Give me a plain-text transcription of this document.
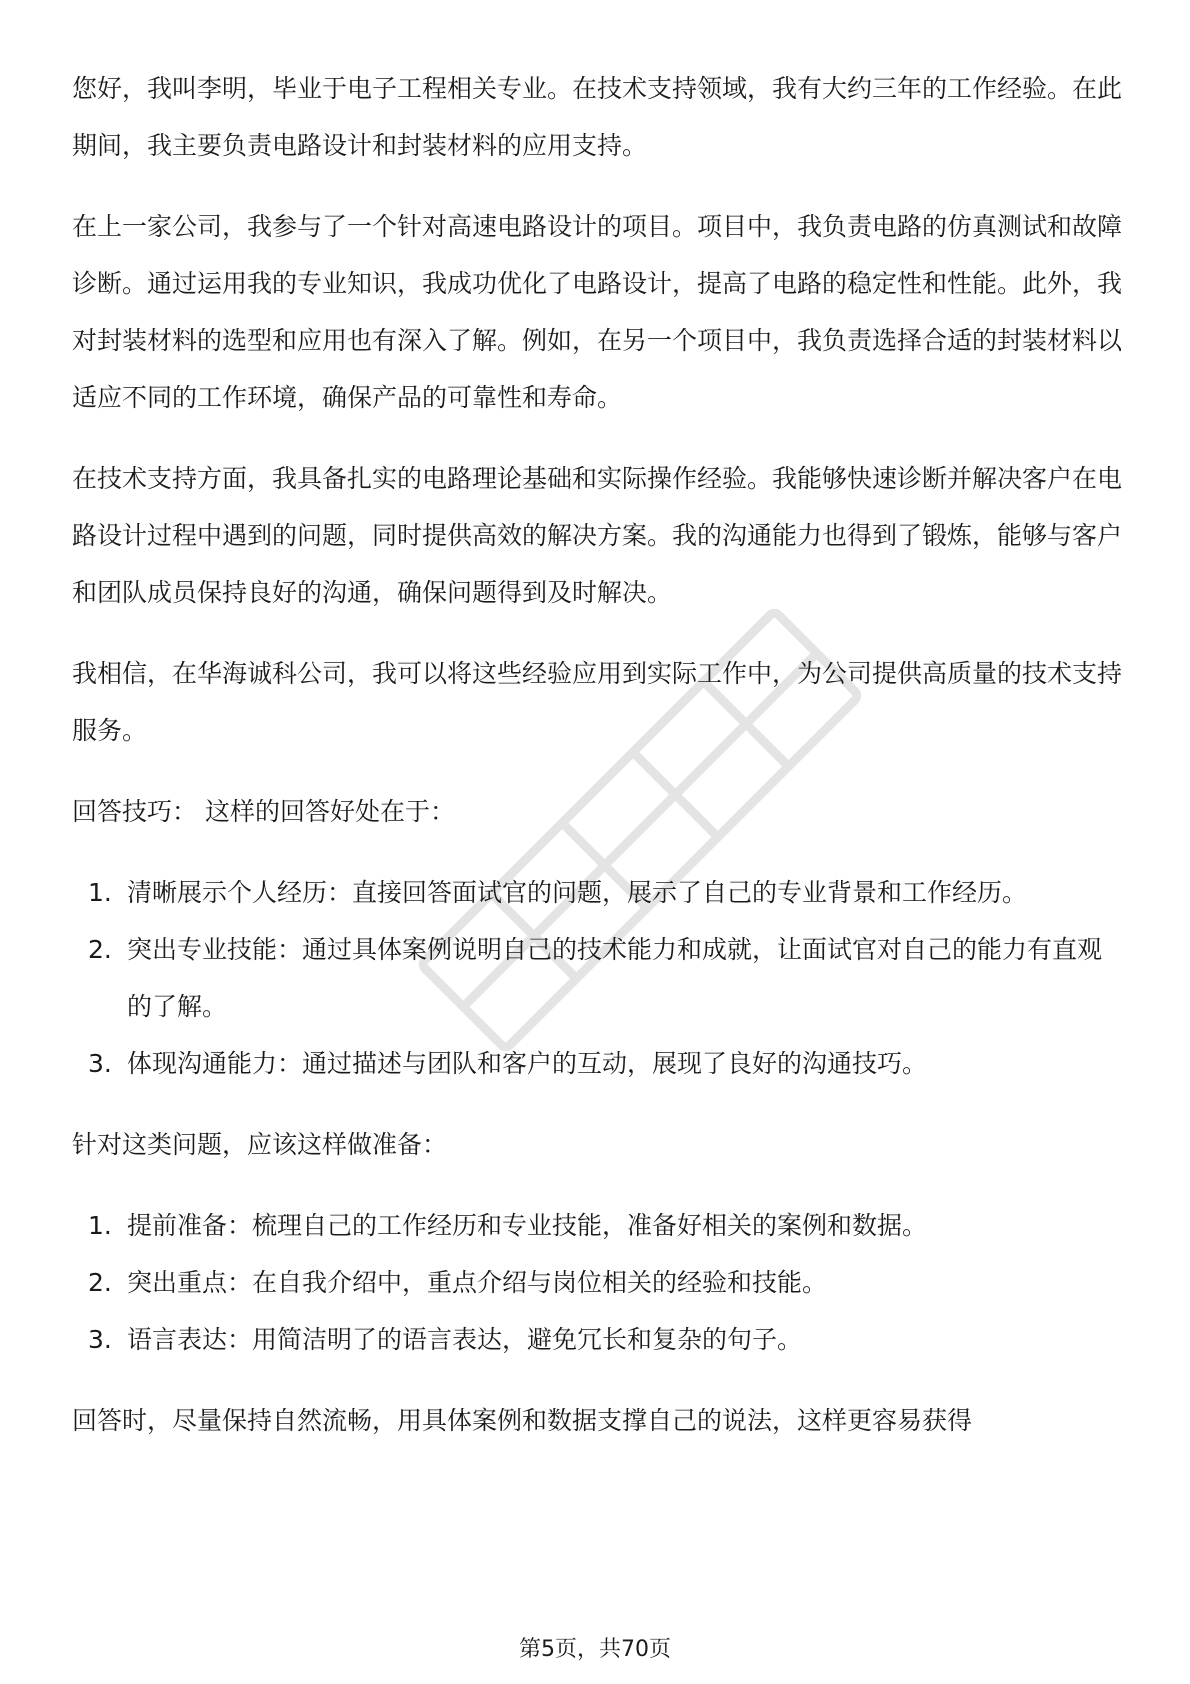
您好，我叫李明，毕业于电子工程相关专业。在技术支持领域，我有大约三年的工作经验。在此期间，我主要负责电路设计和封装材料的应用支持。

在上一家公司，我参与了一个针对高速电路设计的项目。项目中，我负责电路的仿真测试和故障诊断。通过运用我的专业知识，我成功优化了电路设计，提高了电路的稳定性和性能。此外，我对封装材料的选型和应用也有深入了解。例如，在另一个项目中，我负责选择合适的封装材料以适应不同的工作环境，确保产品的可靠性和寿命。

在技术支持方面，我具备扎实的电路理论基础和实际操作经验。我能够快速诊断并解决客户在电路设计过程中遇到的问题，同时提供高效的解决方案。我的沟通能力也得到了锻炼，能够与客户和团队成员保持良好的沟通，确保问题得到及时解决。

我相信，在华海诚科公司，我可以将这些经验应用到实际工作中，为公司提供高质量的技术支持服务。

回答技巧： 这样的回答好处在于：

1. 清晰展示个人经历：直接回答面试官的问题，展示了自己的专业背景和工作经历。
2. 突出专业技能：通过具体案例说明自己的技术能力和成就，让面试官对自己的能力有直观的了解。
3. 体现沟通能力：通过描述与团队和客户的互动，展现了良好的沟通技巧。

针对这类问题，应该这样做准备：

1. 提前准备：梳理自己的工作经历和专业技能，准备好相关的案例和数据。
2. 突出重点：在自我介绍中，重点介绍与岗位相关的经验和技能。
3. 语言表达：用简洁明了的语言表达，避免冗长和复杂的句子。

回答时，尽量保持自然流畅，用具体案例和数据支撑自己的说法，这样更容易获得

第5页，共70页
